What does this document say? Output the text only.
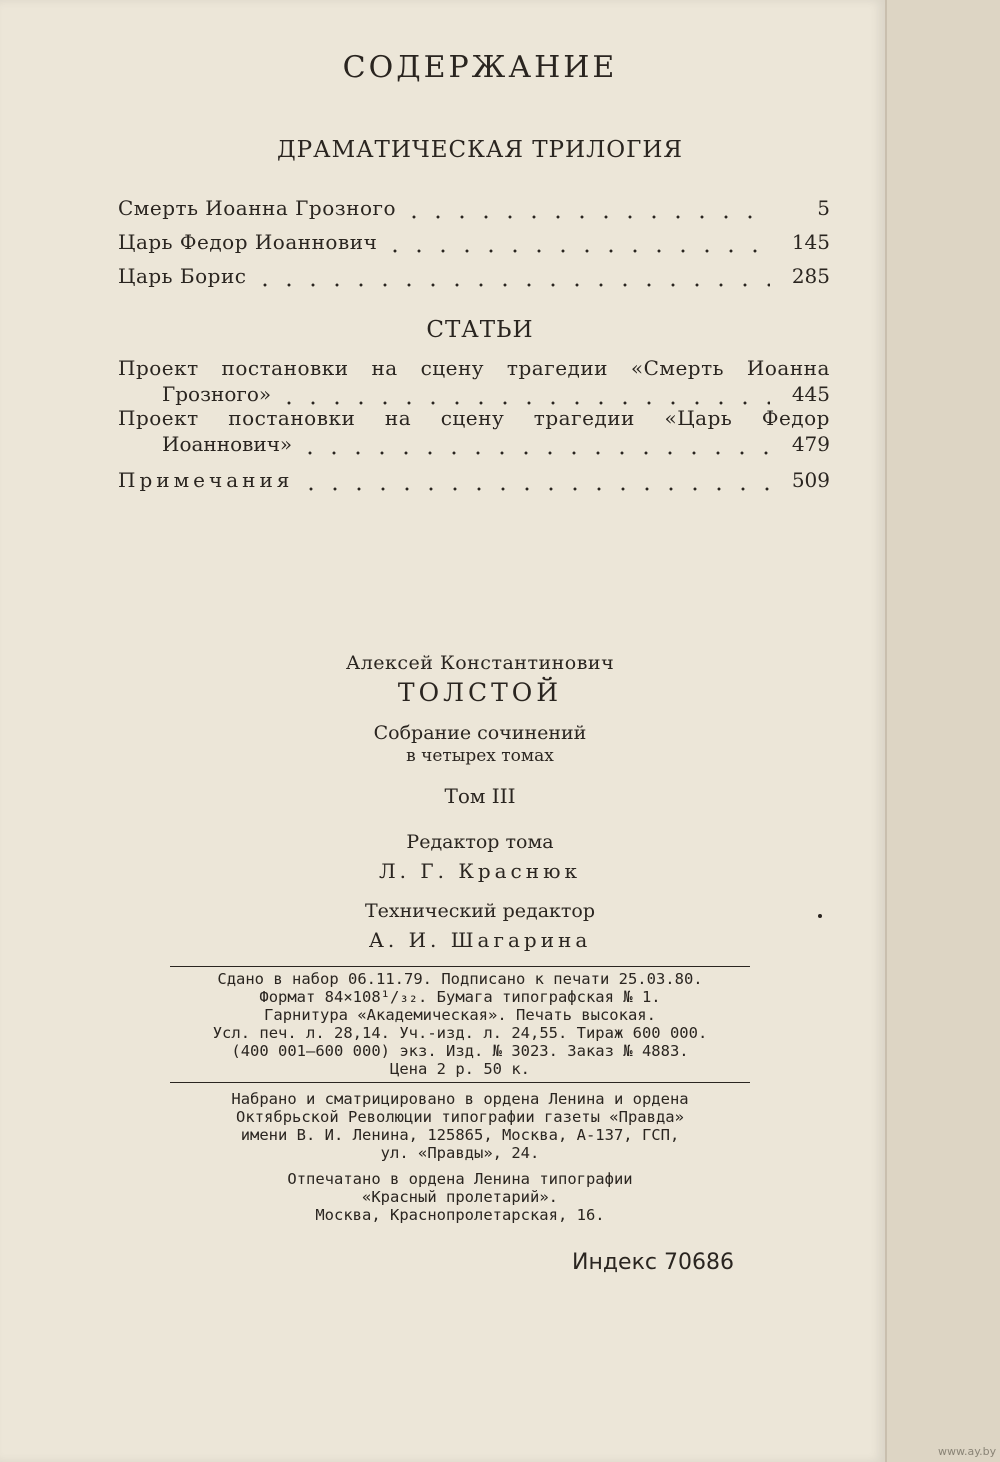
СОДЕРЖАНИЕ
ДРАМАТИЧЕСКАЯ ТРИЛОГИЯ
Смерть Иоанна Грозного	5
Царь Федор Иоаннович	145
Царь Борис	285
СТАТЬИ
Проект постановки на сцену трагедии «Смерть Иоанна
Грозного»	445
Проект постановки на сцену трагедии «Царь Федор
Иоаннович»	479
Примечания	509
Алексей Константинович
ТОЛСТОЙ
Собрание сочинений
в четырех томах
Том III
Редактор тома
Л. Г. Краснюк
Технический редактор
А. И. Шагарина
Сдано в набор 06.11.79. Подписано к печати 25.03.80.
Формат 84×108¹/₃₂. Бумага типографская № 1.
Гарнитура «Академическая». Печать высокая.
Усл. печ. л. 28,14. Уч.-изд. л. 24,55. Тираж 600 000.
(400 001—600 000) экз. Изд. № 3023. Заказ № 4883.
Цена 2 р. 50 к.
Набрано и сматрицировано в ордена Ленина и ордена
Октябрьской Революции типографии газеты «Правда»
имени В. И. Ленина, 125865, Москва, А-137, ГСП,
ул. «Правды», 24.
Отпечатано в ордена Ленина типографии
«Красный пролетарий».
Москва, Краснопролетарская, 16.
Индекс 70686
www.ay.by
